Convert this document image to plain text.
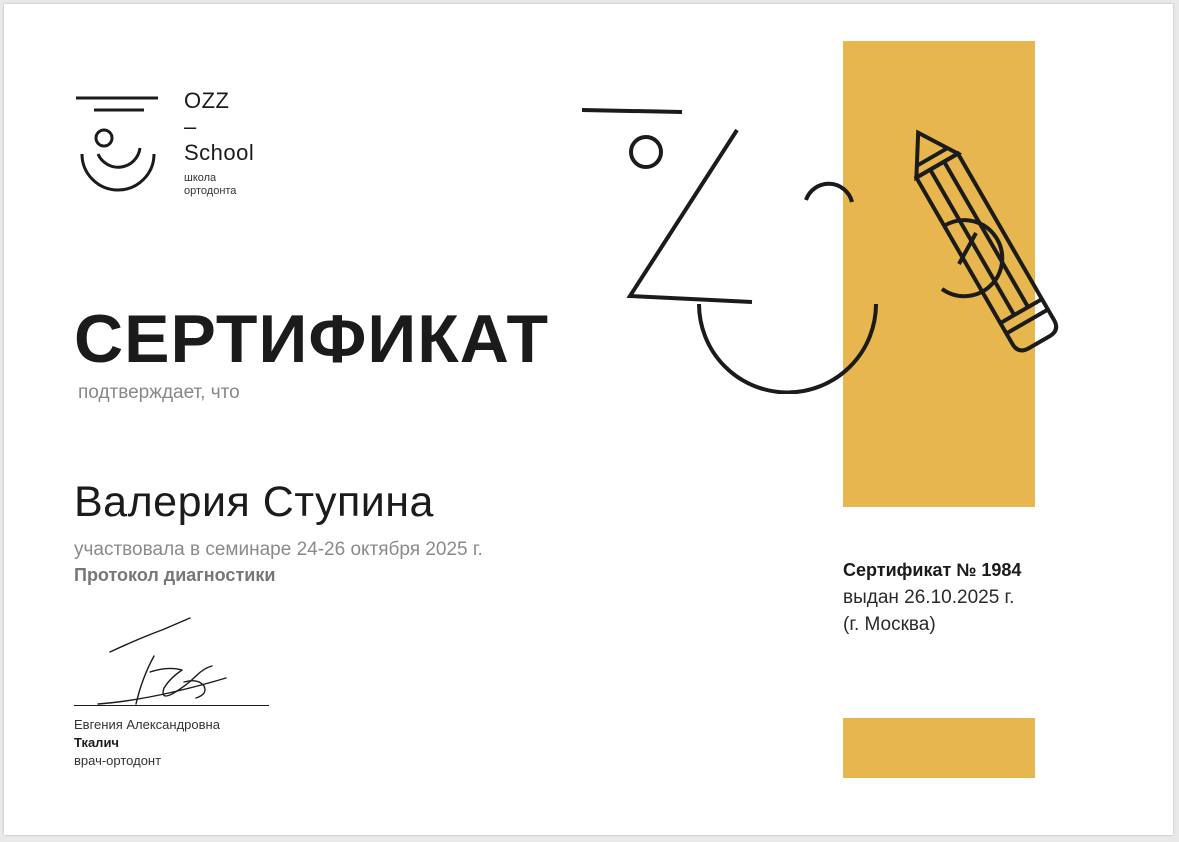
OZZ
–
School
школа
ортодонта
СЕРТИФИКАТ
подтверждает, что
Валерия Ступина
участвовала в семинаре 24-26 октября 2025 г.
Протокол диагностики
Евгения Александровна
Ткалич
врач-ортодонт
Сертификат № 1984
выдан 26.10.2025 г.
(г. Москва)
